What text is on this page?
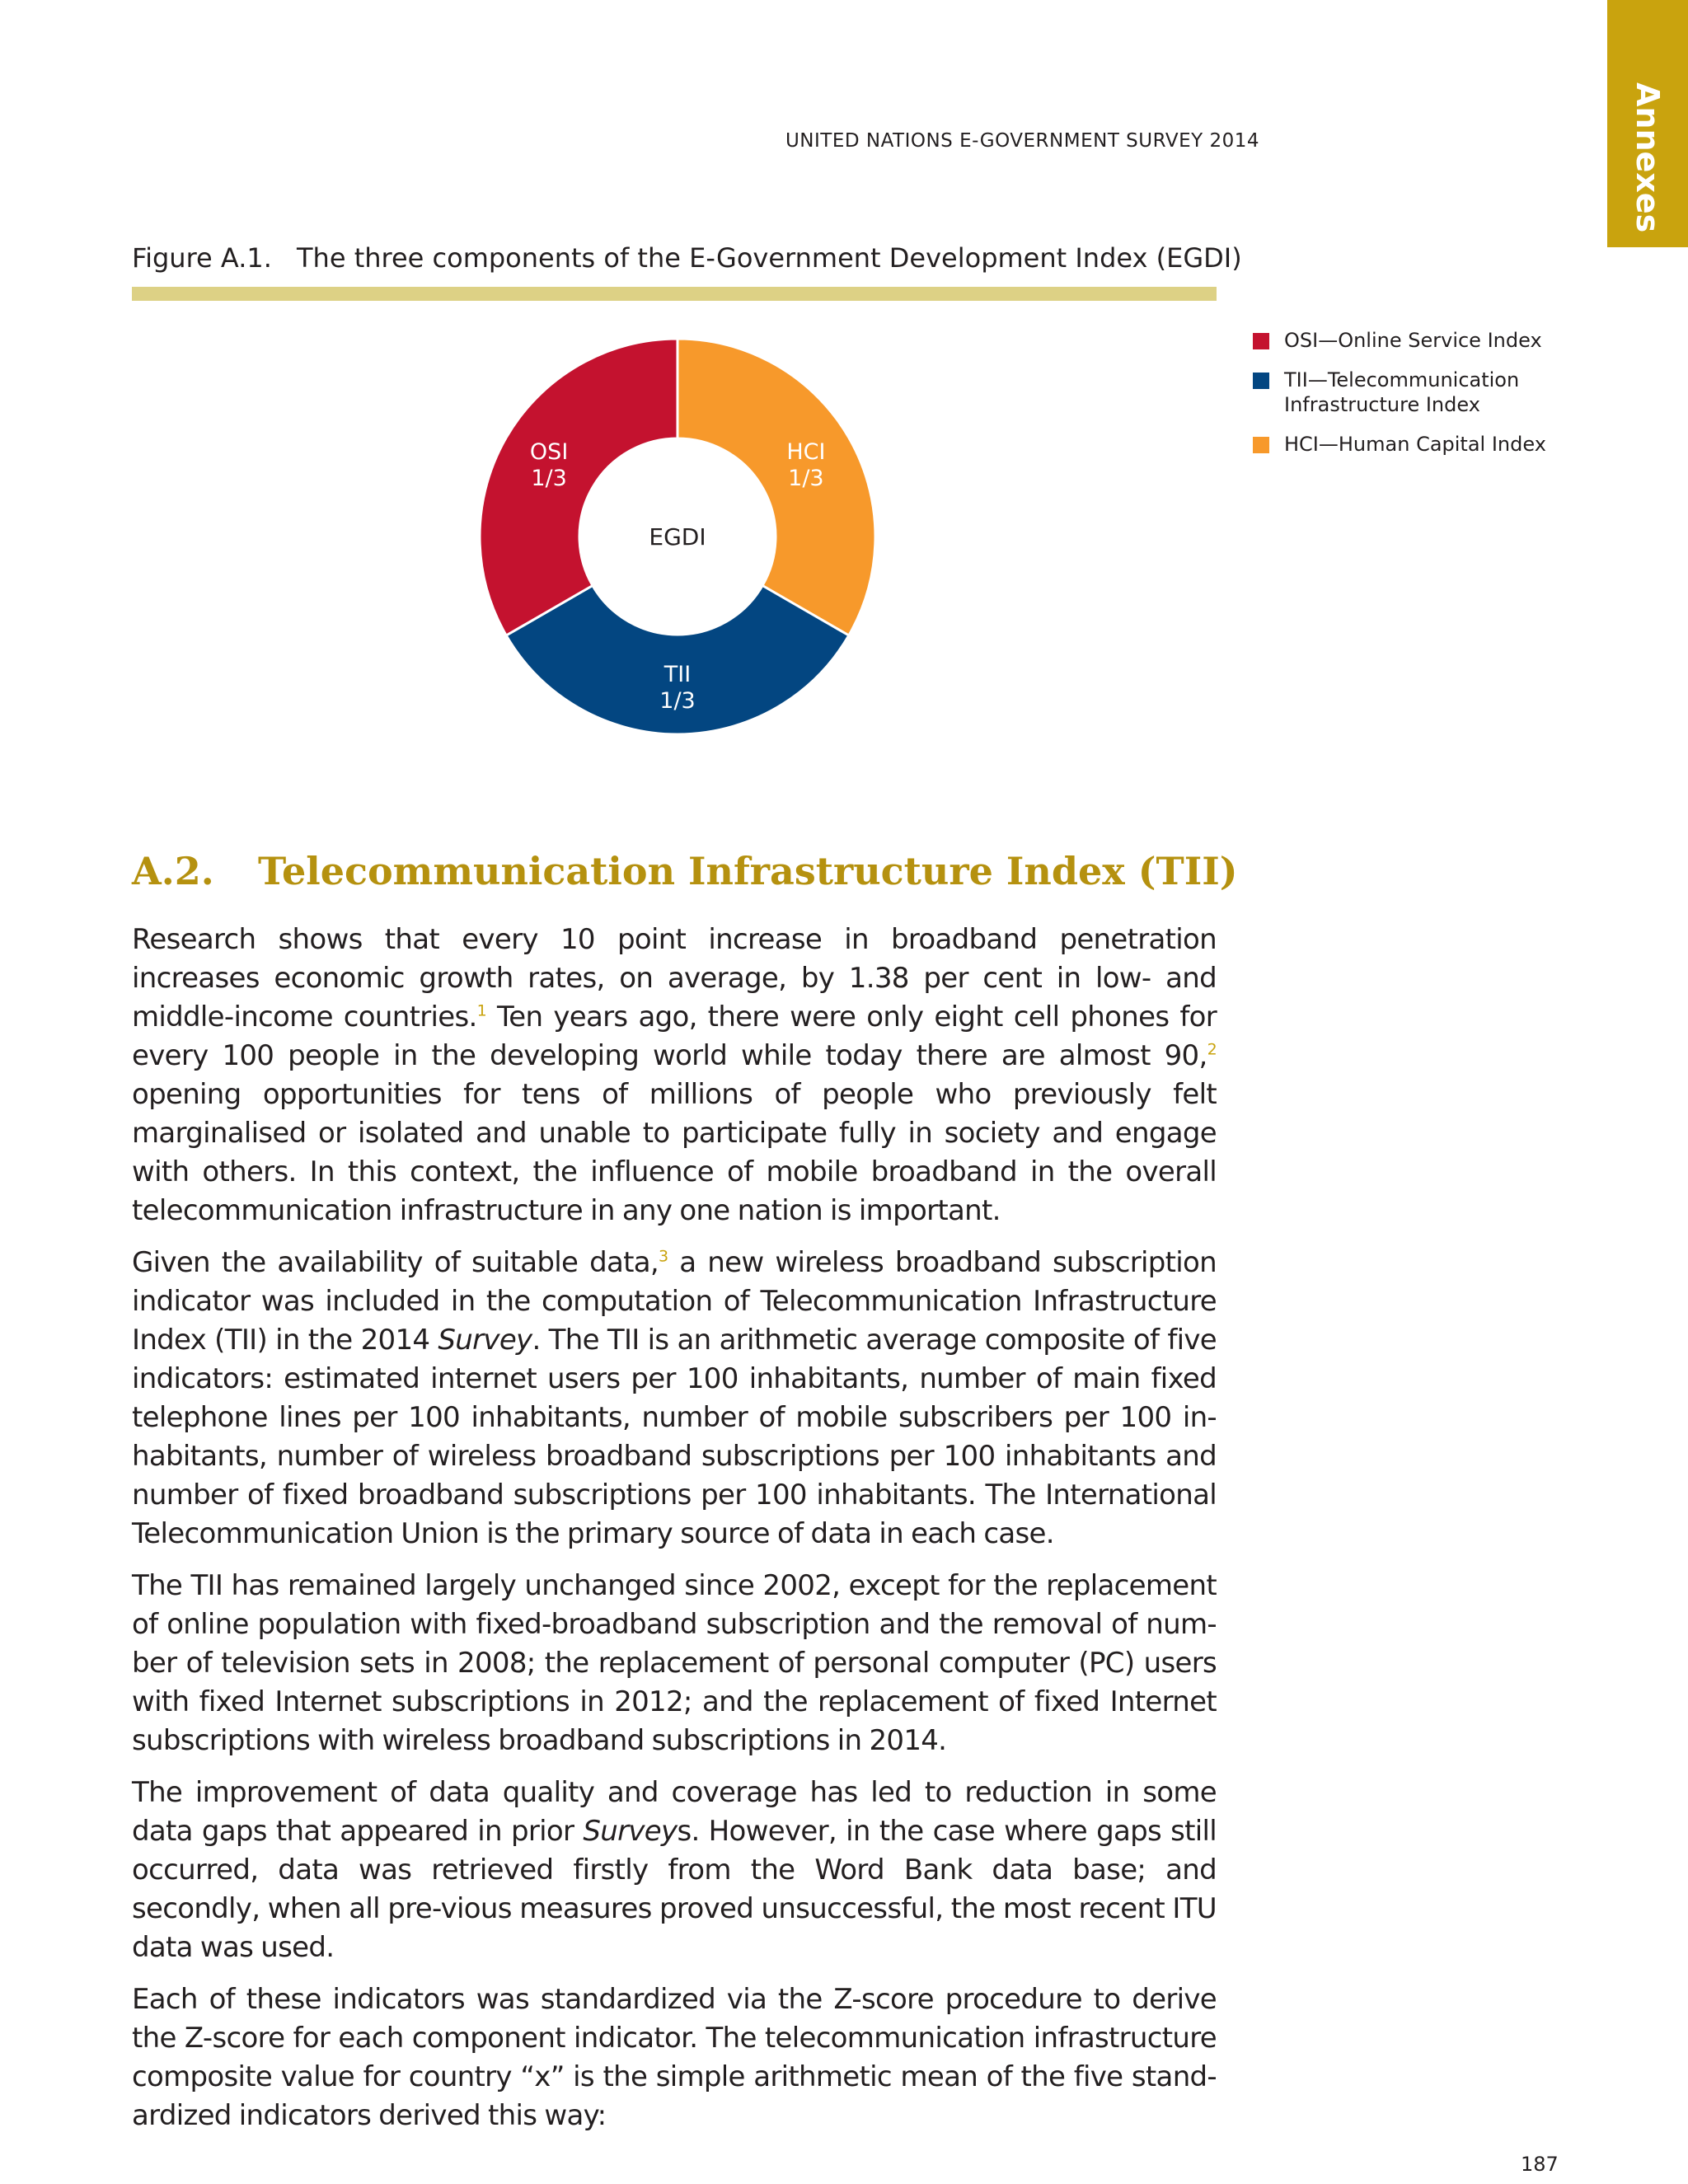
UNITED NATIONS E-GOVERNMENT SURVEY 2014	Annexes
Figure A.1. The three components of the E-Government Development Index (EGDI)
HCI
1/3
TII
1/3
OSI
1/3
EGDI
OSI—Online Service Index
TII—Telecommunication Infrastructure Index
HCI—Human Capital Index
A.2. Telecommunication Infrastructure Index (TII)

Research shows that every 10 point increase in broadband penetration increases economic growth rates, on average, by 1.38 per cent in low- and middle-income countries.$^1$ Ten years ago, there were only eight cell phones for every 100 people in the developing world while today there are almost 90,$^2$ opening opportunities for tens of millions of people who previously felt marginalised or isolated and unable to participate fully in society and engage with others. In this context, the influence of mobile broadband in the overall telecommunication infrastructure in any one nation is important.

Given the availability of suitable data,$^3$ a new wireless broadband subscription indicator was included in the computation of Telecommunication Infrastructure Index (TII) in the 2014 Survey. The TII is an arithmetic average composite of five indicators: estimated internet users per 100 inhabitants, number of main fixed telephone lines per 100 inhabitants, number of mobile subscribers per 100 in-habitants, number of wireless broadband subscriptions per 100 inhabitants and number of fixed broadband subscriptions per 100 inhabitants. The International Telecommunication Union is the primary source of data in each case.

The TII has remained largely unchanged since 2002, except for the replacement of online population with fixed-broadband subscription and the removal of num-ber of television sets in 2008; the replacement of personal computer (PC) users with fixed Internet subscriptions in 2012; and the replacement of fixed Internet subscriptions with wireless broadband subscriptions in 2014.

The improvement of data quality and coverage has led to reduction in some data gaps that appeared in prior Surveys. However, in the case where gaps still occurred, data was retrieved firstly from the Word Bank data base; and secondly, when all pre-vious measures proved unsuccessful, the most recent ITU data was used.

Each of these indicators was standardized via the Z-score procedure to derive the Z-score for each component indicator. The telecommunication infrastructure composite value for country “x” is the simple arithmetic mean of the five stand-ardized indicators derived this way:

187
